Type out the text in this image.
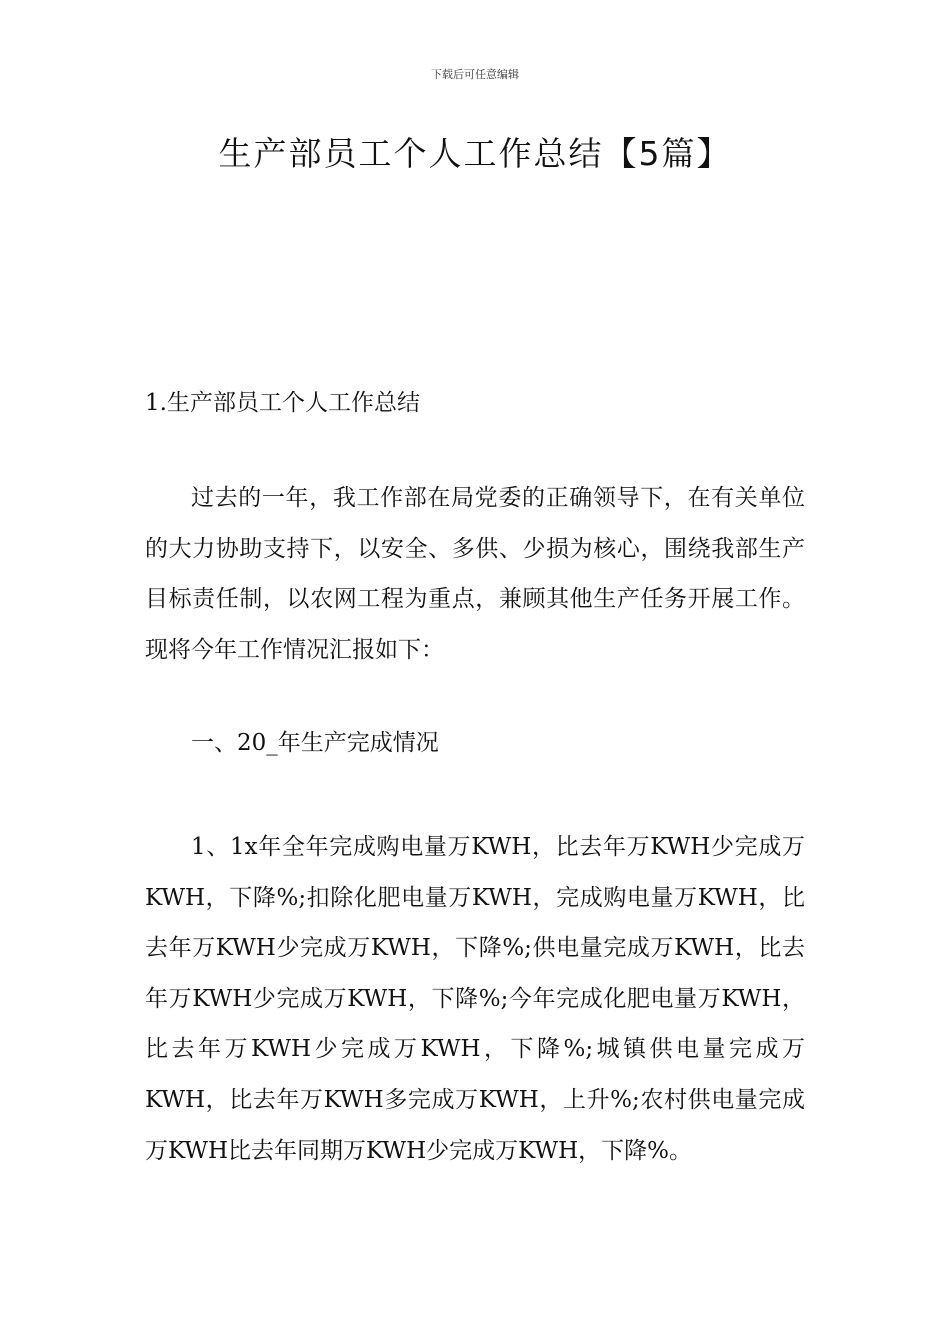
下载后可任意编辑
生产部员工个人工作总结【5篇】

1.生产部员工个人工作总结

过去的一年，我工作部在局党委的正确领导下，在有关单位的大力协助支持下，以安全、多供、少损为核心，围绕我部生产目标责任制，以农网工程为重点，兼顾其他生产任务开展工作。现将今年工作情况汇报如下：

一、20_年生产完成情况

1、1x年全年完成购电量万KWH，比去年万KWH少完成万KWH，下降%;扣除化肥电量万KWH，完成购电量万KWH，比去年万KWH少完成万KWH，下降%;供电量完成万KWH，比去年万KWH少完成万KWH，下降%;今年完成化肥电量万KWH，比去年万KWH少完成万KWH，下降%;城镇供电量完成万KWH，比去年万KWH多完成万KWH，上升%;农村供电量完成万KWH比去年同期万KWH少完成万KWH，下降%。
